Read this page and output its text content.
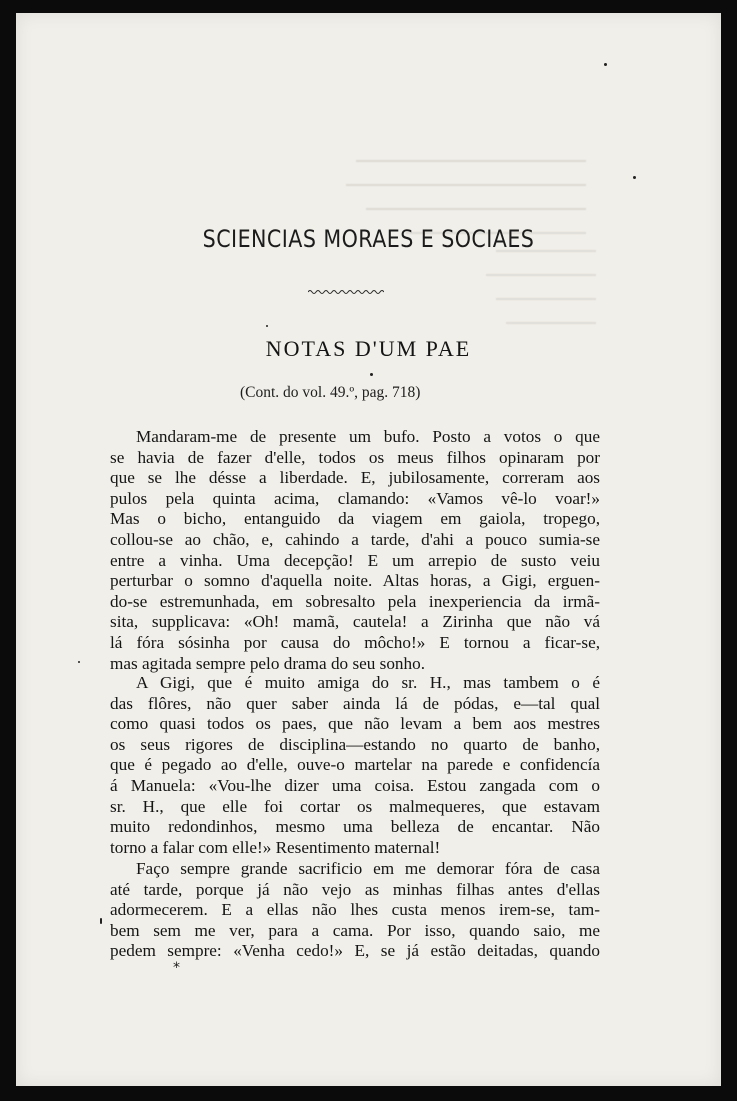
SCIENCIAS MORAES E SOCIAES
NOTAS D'UM PAE
(Cont. do vol. 49.º, pag. 718)
Mandaram-me de presente um bufo. Posto a votos o que
se havia de fazer d'elle, todos os meus filhos opinaram por
que se lhe désse a liberdade. E, jubilosamente, correram aos
pulos pela quinta acima, clamando: «Vamos vê-lo voar!»
Mas o bicho, entanguido da viagem em gaiola, tropego,
collou-se ao chão, e, cahindo a tarde, d'ahi a pouco sumia-se
entre a vinha. Uma decepção! E um arrepio de susto veiu
perturbar o somno d'aquella noite. Altas horas, a Gigi, erguen-
do-se estremunhada, em sobresalto pela inexperiencia da irmã-
sita, supplicava: «Oh! mamã, cautela! a Zirinha que não vá
lá fóra sósinha por causa do môcho!» E tornou a ficar-se,
mas agitada sempre pelo drama do seu sonho.
A Gigi, que é muito amiga do sr. H., mas tambem o é
das flôres, não quer saber ainda lá de pódas, e—tal qual
como quasi todos os paes, que não levam a bem aos mestres
os seus rigores de disciplina—estando no quarto de banho,
que é pegado ao d'elle, ouve-o martelar na parede e confidencía
á Manuela: «Vou-lhe dizer uma coisa. Estou zangada com o
sr. H., que elle foi cortar os malmequeres, que estavam
muito redondinhos, mesmo uma belleza de encantar. Não
torno a falar com elle!» Resentimento maternal!
Faço sempre grande sacrificio em me demorar fóra de casa
até tarde, porque já não vejo as minhas filhas antes d'ellas
adormecerem. E a ellas não lhes custa menos irem-se, tam-
bem sem me ver, para a cama. Por isso, quando saio, me
pedem sempre: «Venha cedo!» E, se já estão deitadas, quando
*
